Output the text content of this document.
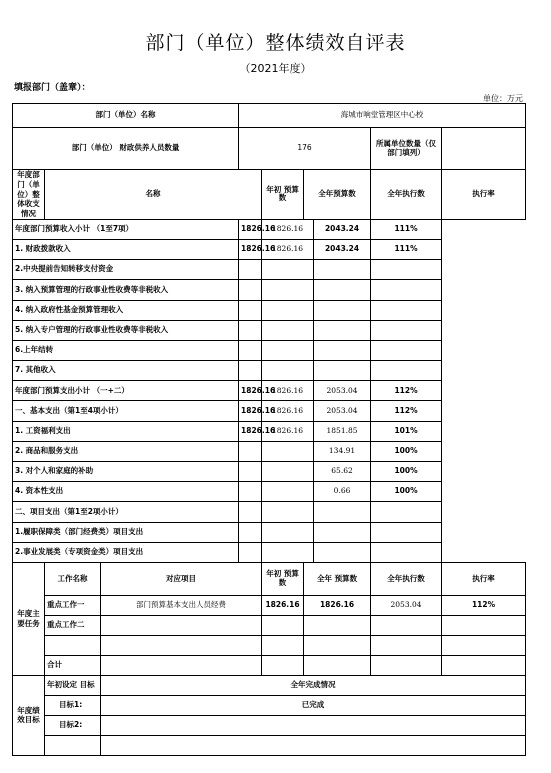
部门（单位）整体绩效自评表
（2021年度）
填报部门（盖章）：
单位：万元
部门（单位）名称			海城市响堂管理区中心校					
部门（单位） 财政供养人员数量			176				所属单位数量（仅部门填列）	
年度部门（单位）整体收支情况	名称			年初 预算数	全年预算数		全年执行数	执行率
年度部门预算收入小计 （1至7项）			1826.16	1826.16		2043.24	111%	
1. 财政拨款收入			1826.16	1826.16		2043.24	111%	
2.中央提前告知转移支付资金								
3. 纳入预算管理的行政事业性收费等非税收入								
4. 纳入政府性基金预算管理收入								
5. 纳入专户管理的行政事业性收费等非税收入								
6.上年结转								
7. 其他收入								
年度部门预算支出小计 （一+二）			1826.16	1826.16		2053.04	112%	
一、基本支出（第1至4项小计）			1826.16	1826.16		2053.04	112%	
1. 工资福利支出			1826.16	1826.16		1851.85	101%	
2. 商品和服务支出						134.91	100%	
3. 对个人和家庭的补助						65.62	100%	
4. 资本性支出						0.66	100%	
二、项目支出（第1至2项小计）								
1.履职保障类（部门经费类）项目支出								
2.事业发展类（专项资金类）项目支出								
年度主要任务	工作名称	对应项目		年初 预算数	全年 预算数		全年执行数	执行率
	重点工作一	部门预算基本支出人员经费		1826.16	1826.16		2053.04	112%
	重点工作二							

	合计							
年度绩效目标	年初设定 目标	全年完成情况						
	目标1:	已完成						
	目标2:							
